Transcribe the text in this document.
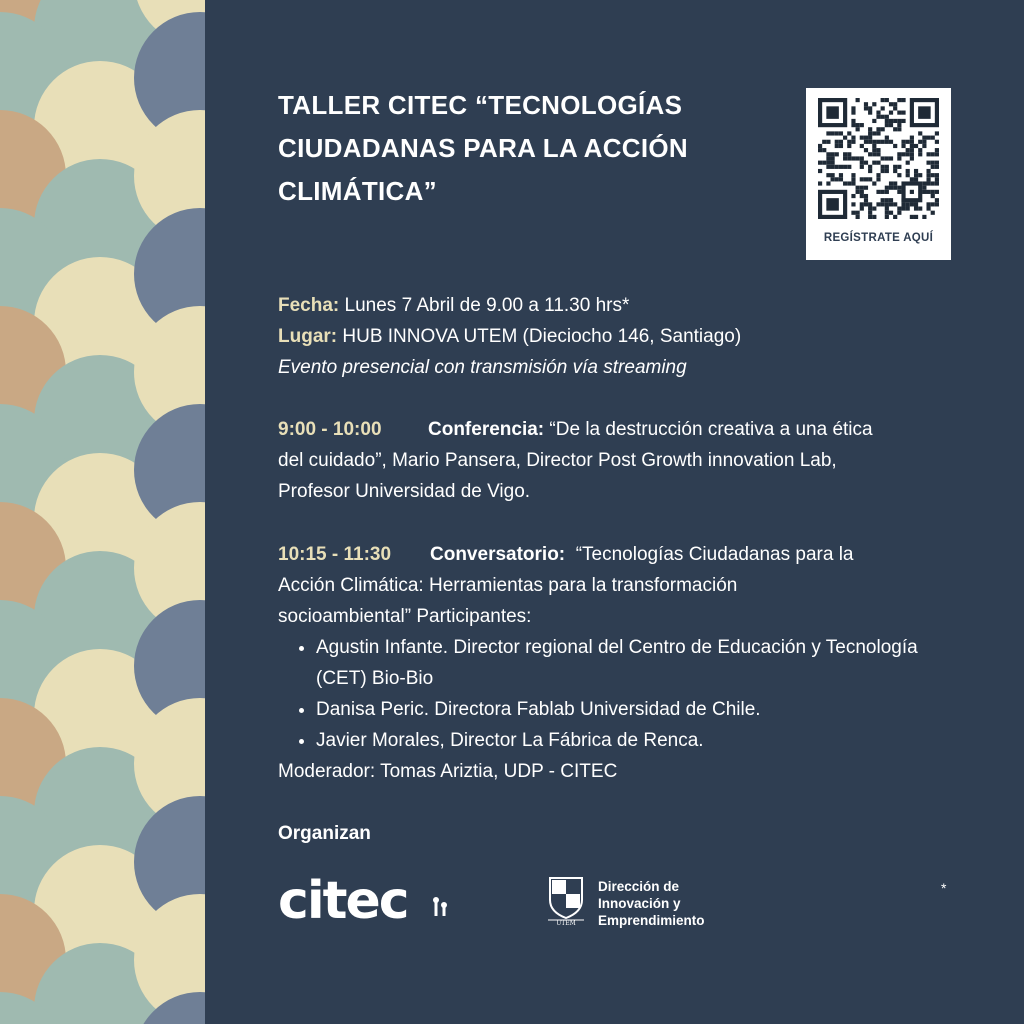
TALLER CITEC “TECNOLOGÍAS
CIUDADANAS PARA LA ACCIÓN
CLIMÁTICA”
REGÍSTRATE AQUÍ
Fecha: Lunes 7 Abril de 9.00 a 11.30 hrs*
Lugar: HUB INNOVA UTEM (Dieciocho 146, Santiago)
Evento presencial con transmisión vía streaming
9:00 - 10:00 Conferencia: “De la destrucción creativa a una ética
del cuidado”, Mario Pansera, Director Post Growth innovation Lab,
Profesor Universidad de Vigo.
10:15 - 11:30 Conversatorio:  “Tecnologías Ciudadanas para la
Acción Climática: Herramientas para la transformación
socioambiental” Participantes:
• Agustin Infante. Director regional del Centro de Educación y Tecnología (CET) Bio-Bio
• Danisa Peric. Directora Fablab Universidad de Chile.
• Javier Morales, Director La Fábrica de Renca.
Moderador: Tomas Ariztia, UDP - CITEC
Organizan
citec	UTEM
Dirección de
Innovación y
Emprendimiento
*
